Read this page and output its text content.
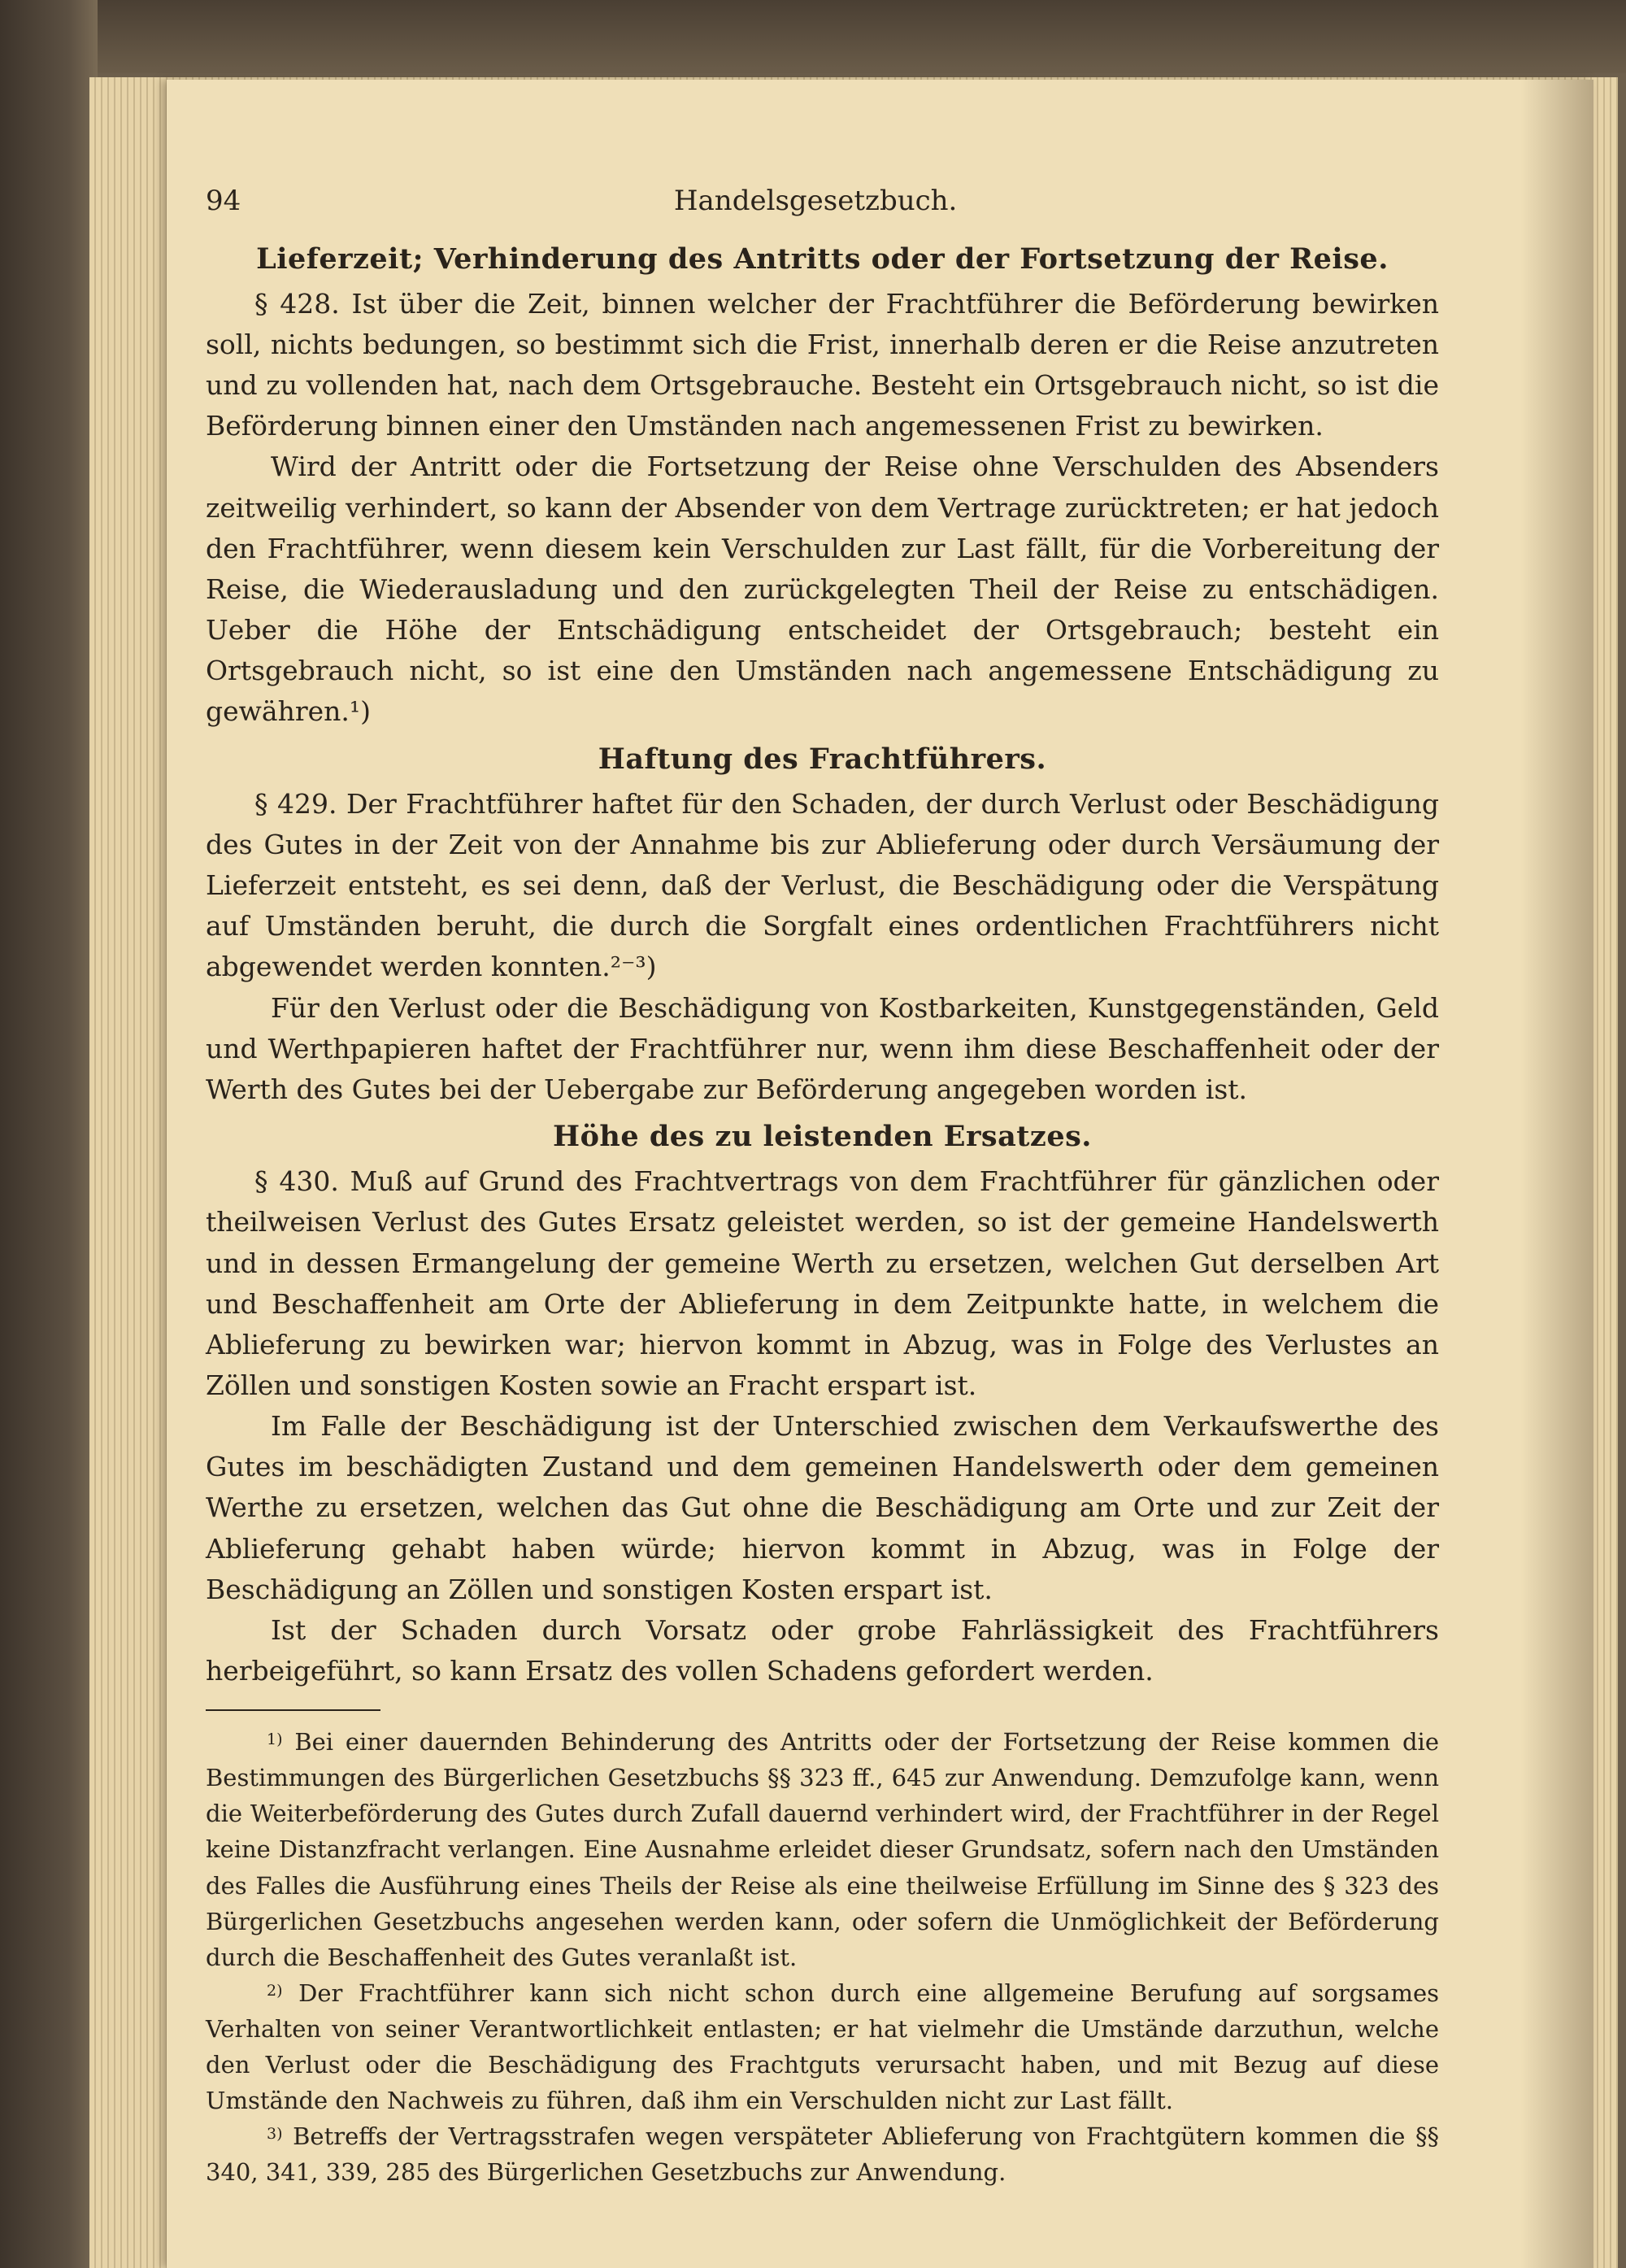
94	Handelsgesetzbuch.
Lieferzeit; Verhinderung des Antritts oder der Fortsetzung der Reise.

§ 428. Ist über die Zeit, binnen welcher der Frachtführer die Beförderung bewirken soll, nichts bedungen, so bestimmt sich die Frist, innerhalb deren er die Reise anzutreten und zu vollenden hat, nach dem Ortsgebrauche. Besteht ein Ortsgebrauch nicht, so ist die Beförderung binnen einer den Umständen nach angemessenen Frist zu bewirken.

Wird der Antritt oder die Fortsetzung der Reise ohne Verschulden des Absenders zeitweilig verhindert, so kann der Absender von dem Vertrage zurücktreten; er hat jedoch den Frachtführer, wenn diesem kein Verschulden zur Last fällt, für die Vorbereitung der Reise, die Wiederausladung und den zurückgelegten Theil der Reise zu entschädigen. Ueber die Höhe der Entschädigung entscheidet der Ortsgebrauch; besteht ein Ortsgebrauch nicht, so ist eine den Umständen nach angemessene Entschädigung zu gewähren.¹)

Haftung des Frachtführers.

§ 429. Der Frachtführer haftet für den Schaden, der durch Verlust oder Beschädigung des Gutes in der Zeit von der Annahme bis zur Ablieferung oder durch Versäumung der Lieferzeit entsteht, es sei denn, daß der Verlust, die Beschädigung oder die Verspätung auf Umständen beruht, die durch die Sorgfalt eines ordentlichen Frachtführers nicht abgewendet werden konnten.²⁻³)

Für den Verlust oder die Beschädigung von Kostbarkeiten, Kunstgegenständen, Geld und Werthpapieren haftet der Frachtführer nur, wenn ihm diese Beschaffenheit oder der Werth des Gutes bei der Uebergabe zur Beförderung angegeben worden ist.

Höhe des zu leistenden Ersatzes.

§ 430. Muß auf Grund des Frachtvertrags von dem Frachtführer für gänzlichen oder theilweisen Verlust des Gutes Ersatz geleistet werden, so ist der gemeine Handelswerth und in dessen Ermangelung der gemeine Werth zu ersetzen, welchen Gut derselben Art und Beschaffenheit am Orte der Ablieferung in dem Zeitpunkte hatte, in welchem die Ablieferung zu bewirken war; hiervon kommt in Abzug, was in Folge des Verlustes an Zöllen und sonstigen Kosten sowie an Fracht erspart ist.

Im Falle der Beschädigung ist der Unterschied zwischen dem Verkaufswerthe des Gutes im beschädigten Zustand und dem gemeinen Handelswerth oder dem gemeinen Werthe zu ersetzen, welchen das Gut ohne die Beschädigung am Orte und zur Zeit der Ablieferung gehabt haben würde; hiervon kommt in Abzug, was in Folge der Beschädigung an Zöllen und sonstigen Kosten erspart ist.

Ist der Schaden durch Vorsatz oder grobe Fahrlässigkeit des Frachtführers herbeigeführt, so kann Ersatz des vollen Schadens gefordert werden.

$^{1)}$ Bei einer dauernden Behinderung des Antritts oder der Fortsetzung der Reise kommen die Bestimmungen des Bürgerlichen Gesetzbuchs §§ 323 ff., 645 zur Anwendung. Demzufolge kann, wenn die Weiterbeförderung des Gutes durch Zufall dauernd verhindert wird, der Frachtführer in der Regel keine Distanzfracht verlangen. Eine Ausnahme erleidet dieser Grundsatz, sofern nach den Umständen des Falles die Ausführung eines Theils der Reise als eine theilweise Erfüllung im Sinne des § 323 des Bürgerlichen Gesetzbuchs angesehen werden kann, oder sofern die Unmöglichkeit der Beförderung durch die Beschaffenheit des Gutes veranlaßt ist.

$^{2)}$ Der Frachtführer kann sich nicht schon durch eine allgemeine Berufung auf sorgsames Verhalten von seiner Verantwortlichkeit entlasten; er hat vielmehr die Umstände darzuthun, welche den Verlust oder die Beschädigung des Frachtguts verursacht haben, und mit Bezug auf diese Umstände den Nachweis zu führen, daß ihm ein Verschulden nicht zur Last fällt.

$^{3)}$ Betreffs der Vertragsstrafen wegen verspäteter Ablieferung von Frachtgütern kommen die §§ 340, 341, 339, 285 des Bürgerlichen Gesetzbuchs zur Anwendung.
